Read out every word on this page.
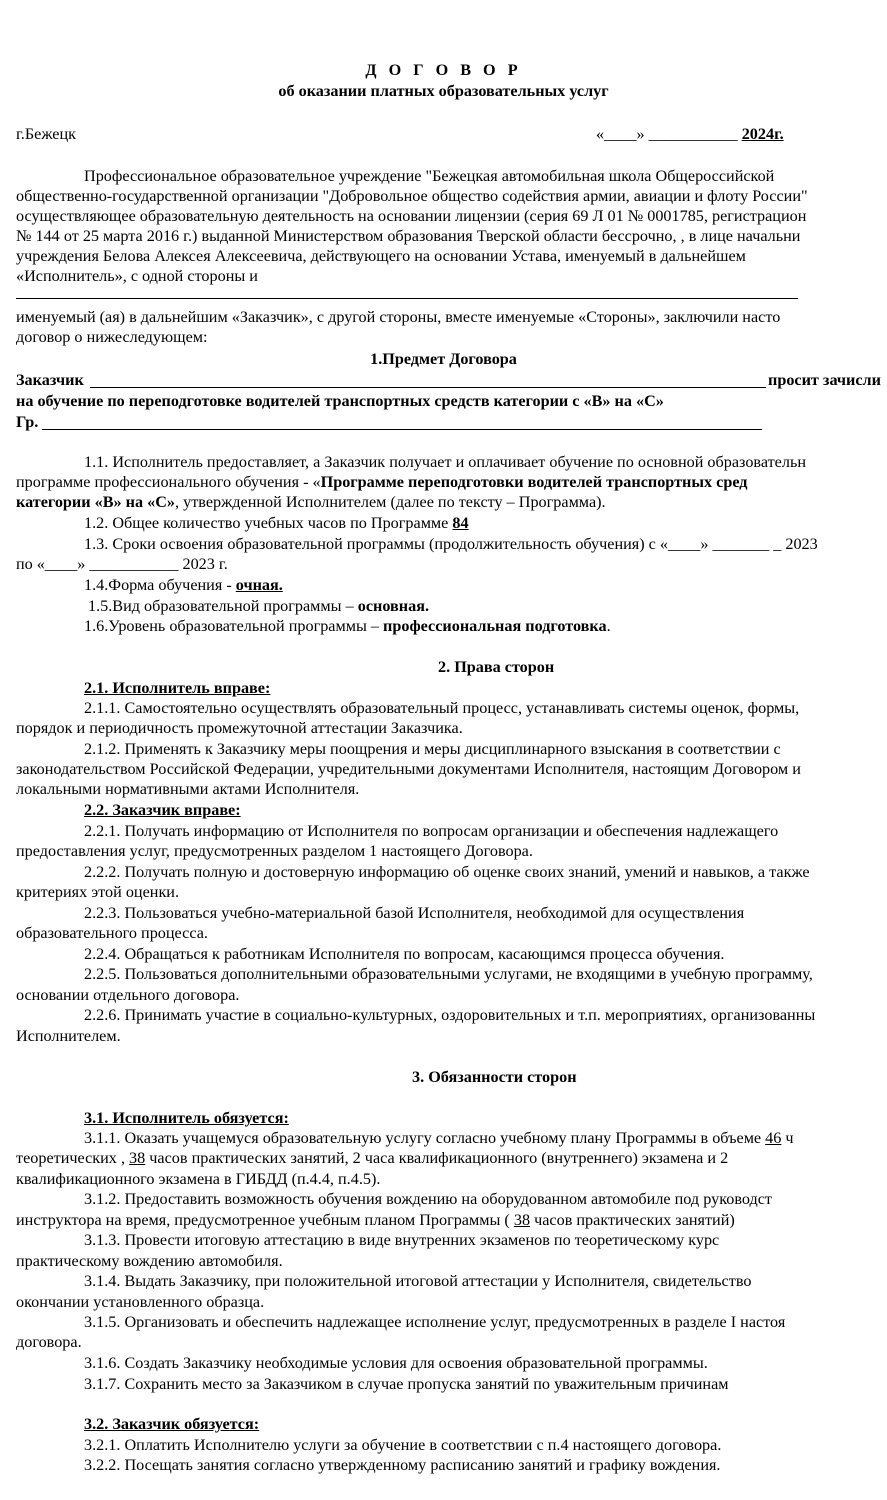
Д О Г О В О Р
об оказании платных образовательных услуг
г.Бежецк	«____» ___________ 2024г.
Профессиональное образовательное учреждение "Бежецкая автомобильная школа Общероссийской
общественно-государственной организации "Добровольное общество содействия армии, авиации и флоту России"
осуществляющее образовательную деятельность на основании лицензии (серия 69 Л 01 № 0001785, регистрацион
№ 144 от 25 марта 2016 г.) выданной Министерством образования Тверской области бессрочно, , в лице начальни
учреждения Белова Алексея Алексеевича, действующего на основании Устава, именуемый в дальнейшем
«Исполнитель», с одной стороны и
именуемый (ая) в дальнейшим «Заказчик», с другой стороны, вместе именуемые «Стороны», заключили насто
договор о нижеследующем:
1.Предмет Договора
Заказчик	просит зачисли
на обучение по переподготовке водителей транспортных средств категории с «В» на «С»
Гр.
1.1. Исполнитель предоставляет, а Заказчик получает и оплачивает обучение по основной образовательн
программе профессионального обучения - «Программе переподготовки водителей транспортных сред
категории «В» на «С», утвержденной Исполнителем (далее по тексту – Программа).
1.2. Общее количество учебных часов по Программе 84
1.3. Сроки освоения образовательной программы (продолжительность обучения) с «____» _______ _ 2023
по «____» ___________ 2023 г.
1.4.Форма обучения - очная.
1.5.Вид образовательной программы – основная.
1.6.Уровень образовательной программы – профессиональная подготовка.
2. Права сторон
2.1. Исполнитель вправе:
2.1.1. Самостоятельно осуществлять образовательный процесс, устанавливать системы оценок, формы,
порядок и периодичность промежуточной аттестации Заказчика.
2.1.2. Применять к Заказчику меры поощрения и меры дисциплинарного взыскания в соответствии с
законодательством Российской Федерации, учредительными документами Исполнителя, настоящим Договором и
локальными нормативными актами Исполнителя.
2.2. Заказчик вправе:
2.2.1. Получать информацию от Исполнителя по вопросам организации и обеспечения надлежащего
предоставления услуг, предусмотренных разделом 1 настоящего Договора.
2.2.2. Получать полную и достоверную информацию об оценке своих знаний, умений и навыков, а также
критериях этой оценки.
2.2.3. Пользоваться учебно-материальной базой Исполнителя, необходимой для осуществления
образовательного процесса.
2.2.4. Обращаться к работникам Исполнителя по вопросам, касающимся процесса обучения.
2.2.5. Пользоваться дополнительными образовательными услугами, не входящими в учебную программу,
основании отдельного договора.
2.2.6. Принимать участие в социально-культурных, оздоровительных и т.п. мероприятиях, организованны
Исполнителем.
3. Обязанности сторон
3.1. Исполнитель обязуется:
3.1.1. Оказать учащемуся образовательную услугу согласно учебному плану Программы в объеме 46 ч
теоретических , 38 часов практических занятий, 2 часа квалификационного (внутреннего) экзамена и 2
квалификационного экзамена в ГИБДД (п.4.4, п.4.5).
3.1.2. Предоставить возможность обучения вождению на оборудованном автомобиле под руководст
инструктора на время, предусмотренное учебным планом Программы ( 38 часов практических занятий)
3.1.3. Провести итоговую аттестацию в виде внутренних экзаменов по теоретическому курс
практическому вождению автомобиля.
3.1.4. Выдать Заказчику, при положительной итоговой аттестации у Исполнителя, свидетельство
окончании установленного образца.
3.1.5. Организовать и обеспечить надлежащее исполнение услуг, предусмотренных в разделе I настоя
договора.
3.1.6. Создать Заказчику необходимые условия для освоения образовательной программы.
3.1.7. Сохранить место за Заказчиком в случае пропуска занятий по уважительным причинам
3.2. Заказчик обязуется:
3.2.1. Оплатить Исполнителю услуги за обучение в соответствии с п.4 настоящего договора.
3.2.2. Посещать занятия согласно утвержденному расписанию занятий и графику вождения.
